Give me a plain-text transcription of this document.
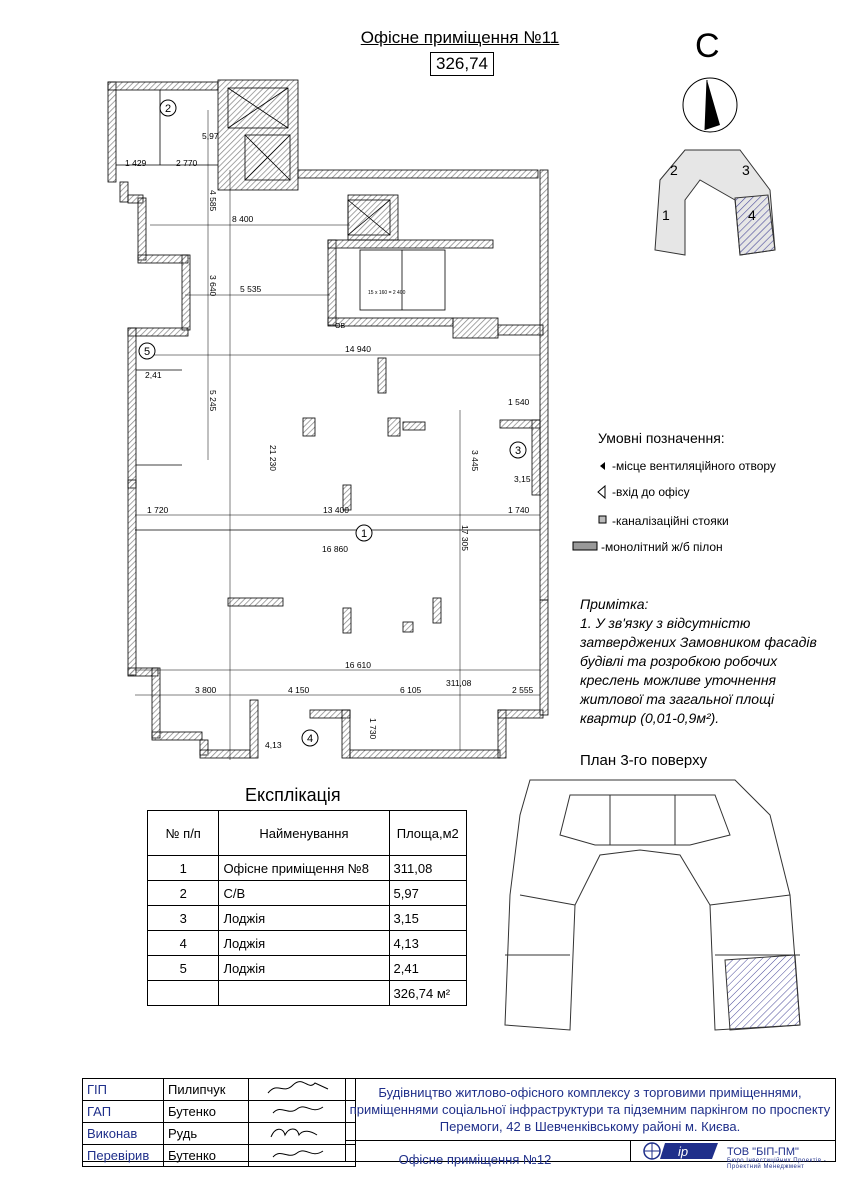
Офісне приміщення №11
326,74	С
2	3
1	4
1 429	2 770
5,97
4 585
8 400
3 640	5 535
14 940
2,41
5 245
21 230
1 540
3 445
3,15
1 720	13 400	1 740
17 305
16 860
16 610
3 800	4 150	6 105
311,08
2 555
1 730
4,13
15 x 160 = 2 400
ОВ
2
5
3
1
4
Умовні позначення:
-місце вентиляційного отвору
-вхід до офісу
-каналізаційні стояки
-монолітний ж/б пілон
Примітка:
1. У зв'язку з відсутністю
затверджених Замовником фасадів
будівлі та розробкою робочих
креслень можливе уточнення
житлової та загальної площі
квартир (0,01-0,9м²).
План 3-го поверху
Експлікація
№ п/п	Найменування	Площа,м2
1	Офісне приміщення №8	311,08
2	С/В	5,97
3	Лоджія	3,15
4	Лоджія	4,13
5	Лоджія	2,41
		326,74 м²
ГІП	Пилипчук	
ГАП	Бутенко	
Виконав	Рудь	
Перевірив	Бутенко	
Будівництво житлово-офісного комплексу з торговими приміщеннями, приміщеннями соціальної інфраструктури та підземним паркінгом по проспекту Перемоги, 42 в Шевченківському районі м. Києва.
Офісне приміщення №12
ip	ТОВ "БІП-ПМ"
Бюро Інвестиційних Проектів - Проектний Менеджмент
